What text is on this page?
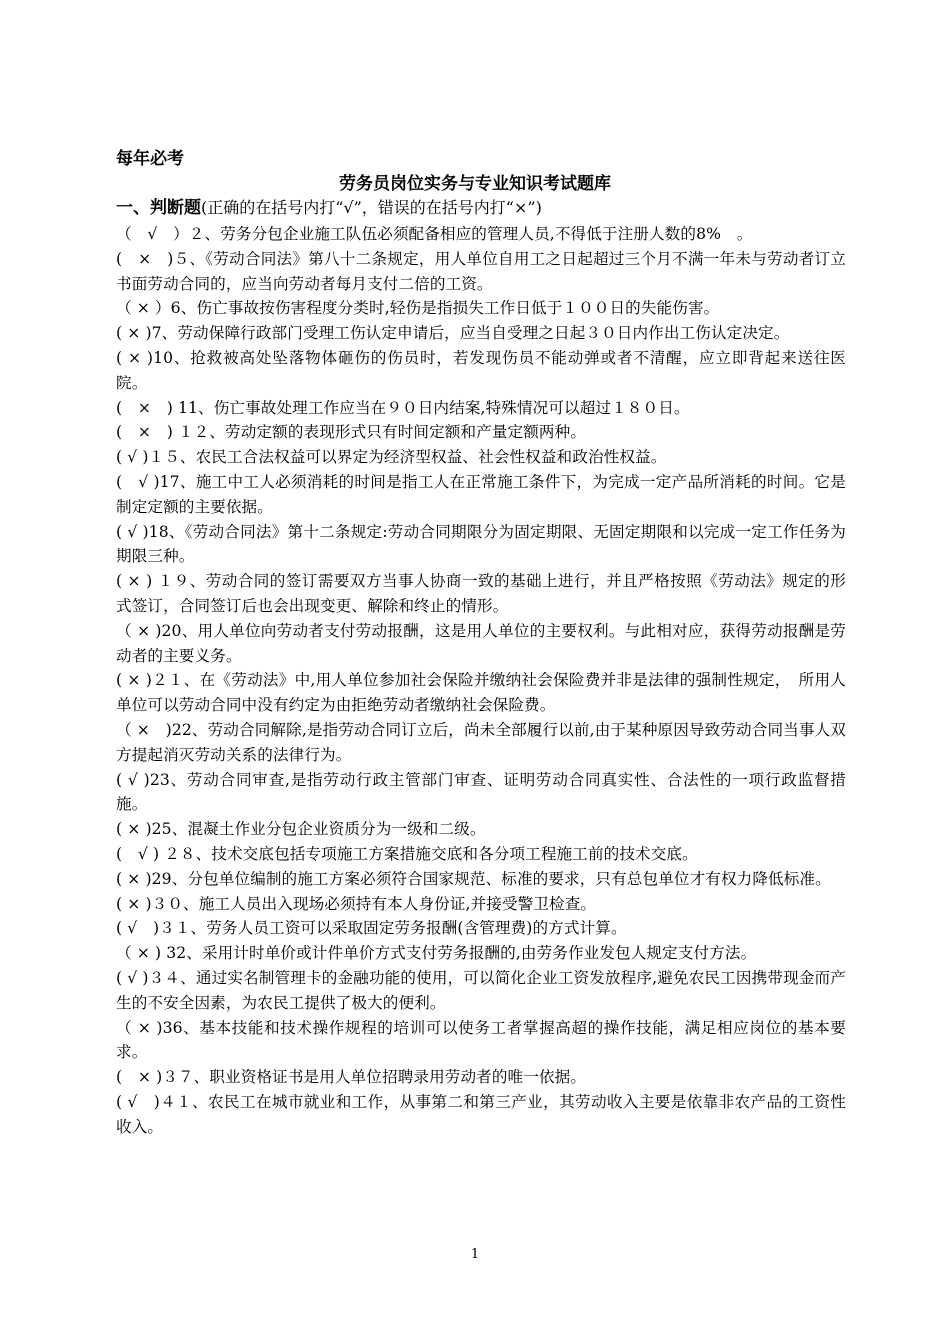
每年必考

劳务员岗位实务与专业知识考试题库

一、判断题(正确的在括号内打“√”，错误的在括号内打“×”)

（　√　）２、劳务分包企业施工队伍必须配备相应的管理人员,不得低于注册人数的8%　。
(　×　)５、《劳动合同法》第八十二条规定，用人单位自用工之日起超过三个月不满一年未与劳动者订立书面劳动合同的，应当向劳动者每月支付二倍的工资。
（ × ）6、伤亡事故按伤害程度分类时,轻伤是指损失工作日低于１００日的失能伤害。
( × )7、劳动保障行政部门受理工伤认定申请后，应当自受理之日起３０日内作出工伤认定决定。
( × )10、抢救被高处坠落物体砸伤的伤员时，若发现伤员不能动弹或者不清醒，应立即背起来送往医院。
(　×　) 11、伤亡事故处理工作应当在９０日内结案,特殊情况可以超过１８０日。
(　×　) １２、劳动定额的表现形式只有时间定额和产量定额两种。
( √ )１５、农民工合法权益可以界定为经济型权益、社会性权益和政治性权益。
(　√ )17、施工中工人必须消耗的时间是指工人在正常施工条件下，为完成一定产品所消耗的时间。它是制定定额的主要依据。
( √ )18、《劳动合同法》第十二条规定:劳动合同期限分为固定期限、无固定期限和以完成一定工作任务为期限三种。
( × ) １９、劳动合同的签订需要双方当事人协商一致的基础上进行，并且严格按照《劳动法》规定的形式签订，合同签订后也会出现变更、解除和终止的情形。
（ × )20、用人单位向劳动者支付劳动报酬，这是用人单位的主要权利。与此相对应，获得劳动报酬是劳动者的主要义务。
( × )２１、在《劳动法》中,用人单位参加社会保险并缴纳社会保险费并非是法律的强制性规定，　所用人单位可以劳动合同中没有约定为由拒绝劳动者缴纳社会保险费。
（ ×　)22、劳动合同解除,是指劳动合同订立后，尚未全部履行以前,由于某种原因导致劳动合同当事人双方提起消灭劳动关系的法律行为。
( √ )23、劳动合同审查,是指劳动行政主管部门审查、证明劳动合同真实性、合法性的一项行政监督措施。
( × )25、混凝土作业分包企业资质分为一级和二级。
(　√ ) ２８、技术交底包括专项施工方案措施交底和各分项工程施工前的技术交底。
( × )29、分包单位编制的施工方案必须符合国家规范、标准的要求，只有总包单位才有权力降低标准。
( × )３０、施工人员出入现场必须持有本人身份证,并接受警卫检查。
( √　)３１、劳务人员工资可以采取固定劳务报酬(含管理费)的方式计算。
（ × ) 32、采用计时单价或计件单价方式支付劳务报酬的,由劳务作业发包人规定支付方法。
( √ )３４、通过实名制管理卡的金融功能的使用，可以简化企业工资发放程序,避免农民工因携带现金而产生的不安全因素，为农民工提供了极大的便利。
（ × )36、基本技能和技术操作规程的培训可以使务工者掌握高超的操作技能，满足相应岗位的基本要求。
(　× )３７、职业资格证书是用人单位招聘录用劳动者的唯一依据。
( √　)４１、农民工在城市就业和工作，从事第二和第三产业，其劳动收入主要是依靠非农产品的工资性收入。

1
